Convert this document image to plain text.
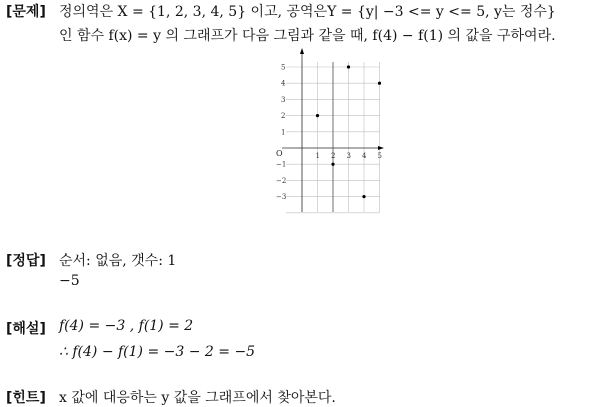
[문제] 정의역은 X = {1, 2, 3, 4, 5} 이고, 공역은Y = {y| −3 <= y <= 5, y는 정수}
인 함수 f(x) = y 의 그래프가 다음 그림과 같을 때, f(4) − f(1) 의 값을 구하여라.
O	1 2 3 4 5
5
4
3
2
1
−1
−2
−3
[정답] 순서: 없음, 갯수: 1
−5
[해설] f(4) = −3 , f(1) = 2
∴ f(4) − f(1) = −3 − 2 = −5
[힌트] x 값에 대응하는 y 값을 그래프에서 찾아본다.
